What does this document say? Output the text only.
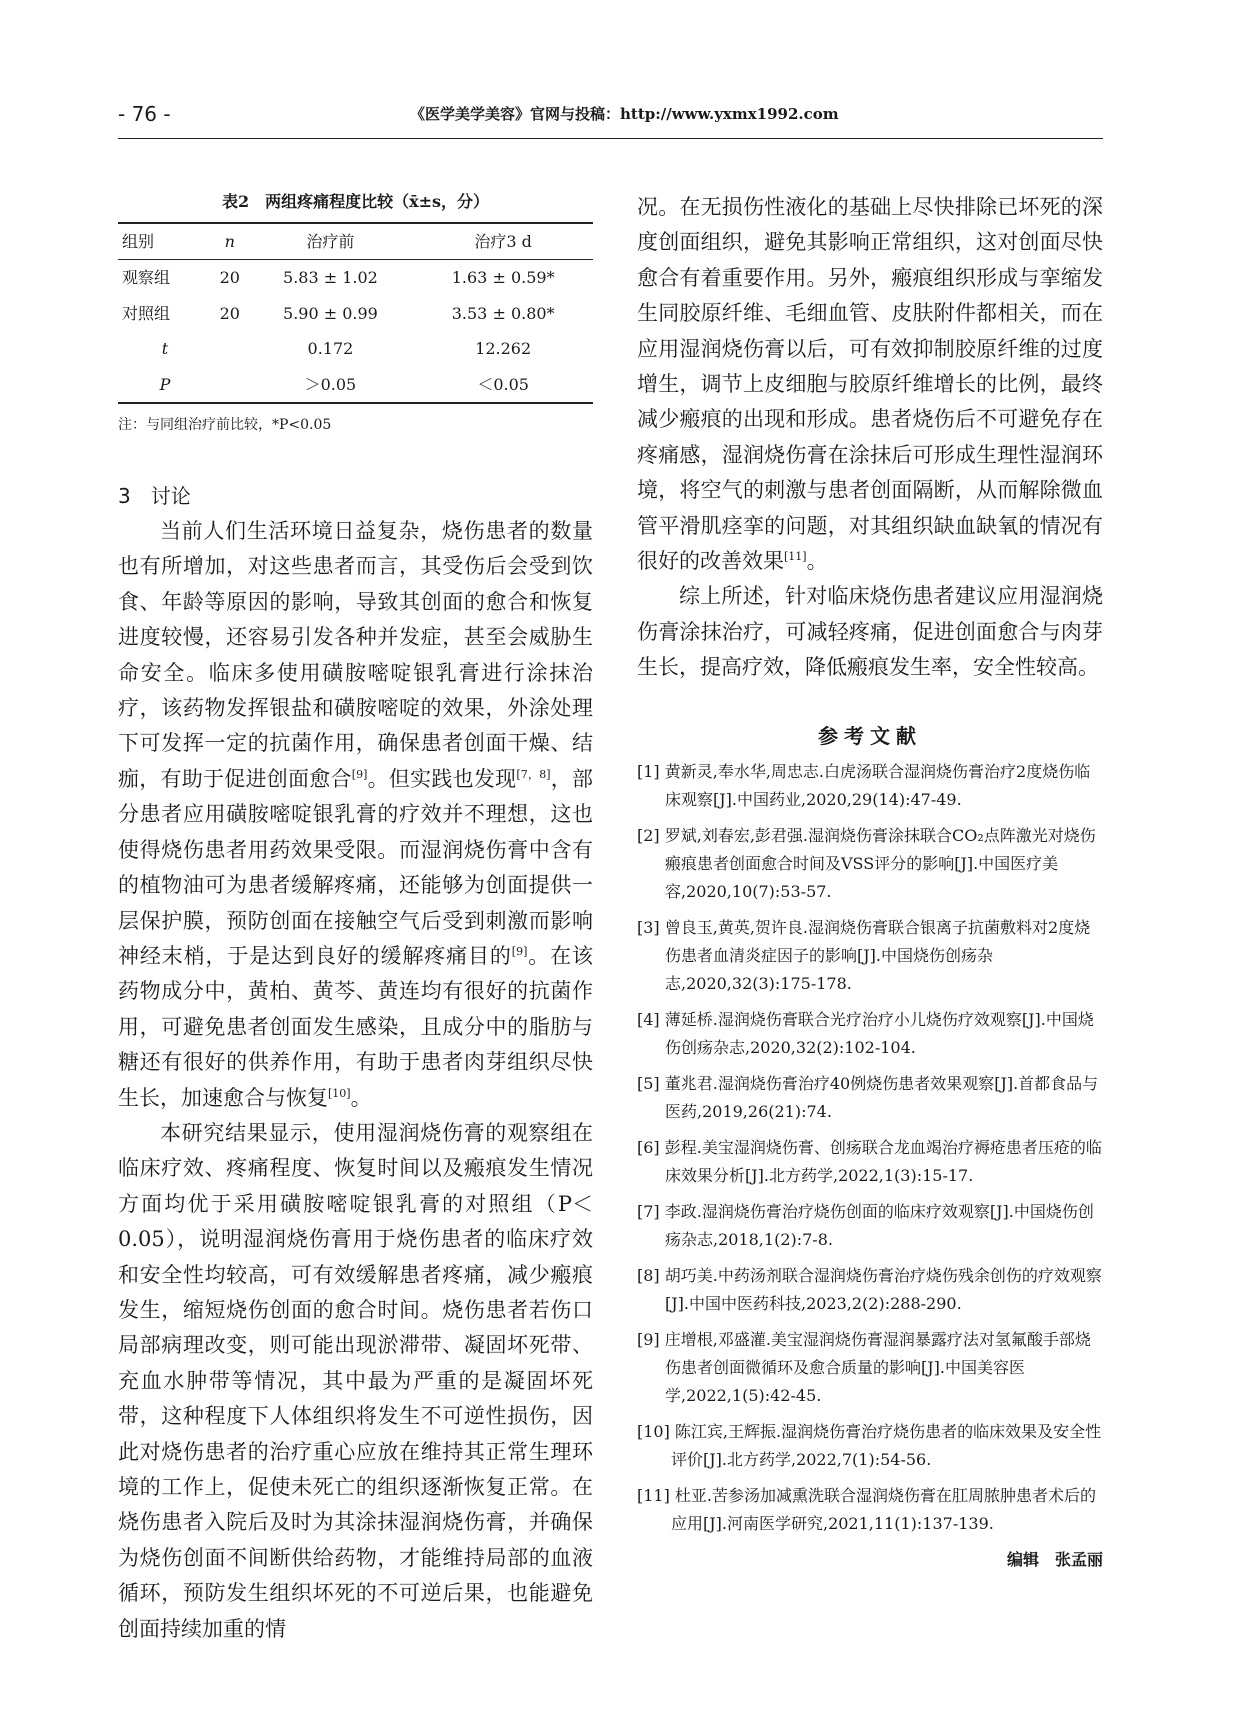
- 76 -	《医学美学美容》官网与投稿：http://www.yxmx1992.com
表2　两组疼痛程度比较（x̄±s，分）
组别	n	治疗前	治疗3 d
观察组	20	5.83 ± 1.02	1.63 ± 0.59*
对照组	20	5.90 ± 0.99	3.53 ± 0.80*
t		0.172	12.262
P		＞0.05	＜0.05
注：与同组治疗前比较，*P<0.05
3　讨论

当前人们生活环境日益复杂，烧伤患者的数量也有所增加，对这些患者而言，其受伤后会受到饮食、年龄等原因的影响，导致其创面的愈合和恢复进度较慢，还容易引发各种并发症，甚至会威胁生命安全。临床多使用磺胺嘧啶银乳膏进行涂抹治疗，该药物发挥银盐和磺胺嘧啶的效果，外涂处理下可发挥一定的抗菌作用，确保患者创面干燥、结痂，有助于促进创面愈合[9]。但实践也发现[7，8]，部分患者应用磺胺嘧啶银乳膏的疗效并不理想，这也使得烧伤患者用药效果受限。而湿润烧伤膏中含有的植物油可为患者缓解疼痛，还能够为创面提供一层保护膜，预防创面在接触空气后受到刺激而影响神经末梢，于是达到良好的缓解疼痛目的[9]。在该药物成分中，黄柏、黄芩、黄连均有很好的抗菌作用，可避免患者创面发生感染，且成分中的脂肪与糖还有很好的供养作用，有助于患者肉芽组织尽快生长，加速愈合与恢复[10]。

本研究结果显示，使用湿润烧伤膏的观察组在临床疗效、疼痛程度、恢复时间以及瘢痕发生情况方面均优于采用磺胺嘧啶银乳膏的对照组（P＜0.05），说明湿润烧伤膏用于烧伤患者的临床疗效和安全性均较高，可有效缓解患者疼痛，减少瘢痕发生，缩短烧伤创面的愈合时间。烧伤患者若伤口局部病理改变，则可能出现淤滞带、凝固坏死带、充血水肿带等情况，其中最为严重的是凝固坏死带，这种程度下人体组织将发生不可逆性损伤，因此对烧伤患者的治疗重心应放在维持其正常生理环境的工作上，促使未死亡的组织逐渐恢复正常。在烧伤患者入院后及时为其涂抹湿润烧伤膏，并确保为烧伤创面不间断供给药物，才能维持局部的血液循环，预防发生组织坏死的不可逆后果，也能避免创面持续加重的情

况。在无损伤性液化的基础上尽快排除已坏死的深度创面组织，避免其影响正常组织，这对创面尽快愈合有着重要作用。另外，瘢痕组织形成与挛缩发生同胶原纤维、毛细血管、皮肤附件都相关，而在应用湿润烧伤膏以后，可有效抑制胶原纤维的过度增生，调节上皮细胞与胶原纤维增长的比例，最终减少瘢痕的出现和形成。患者烧伤后不可避免存在疼痛感，湿润烧伤膏在涂抹后可形成生理性湿润环境，将空气的刺激与患者创面隔断，从而解除微血管平滑肌痉挛的问题，对其组织缺血缺氧的情况有很好的改善效果[11]。

综上所述，针对临床烧伤患者建议应用湿润烧伤膏涂抹治疗，可减轻疼痛，促进创面愈合与肉芽生长，提高疗效，降低瘢痕发生率，安全性较高。

参考文献
[1] 黄新灵,奉水华,周忠志.白虎汤联合湿润烧伤膏治疗2度烧伤临床观察[J].中国药业,2020,29(14):47-49.
[2] 罗斌,刘春宏,彭君强.湿润烧伤膏涂抹联合CO₂点阵激光对烧伤瘢痕患者创面愈合时间及VSS评分的影响[J].中国医疗美容,2020,10(7):53-57.
[3] 曾良玉,黄英,贺许良.湿润烧伤膏联合银离子抗菌敷料对2度烧伤患者血清炎症因子的影响[J].中国烧伤创疡杂志,2020,32(3):175-178.
[4] 薄延桥.湿润烧伤膏联合光疗治疗小儿烧伤疗效观察[J].中国烧伤创疡杂志,2020,32(2):102-104.
[5] 董兆君.湿润烧伤膏治疗40例烧伤患者效果观察[J].首都食品与医药,2019,26(21):74.
[6] 彭程.美宝湿润烧伤膏、创疡联合龙血竭治疗褥疮患者压疮的临床效果分析[J].北方药学,2022,1(3):15-17.
[7] 李政.湿润烧伤膏治疗烧伤创面的临床疗效观察[J].中国烧伤创疡杂志,2018,1(2):7-8.
[8] 胡巧美.中药汤剂联合湿润烧伤膏治疗烧伤残余创伤的疗效观察[J].中国中医药科技,2023,2(2):288-290.
[9] 庄增根,邓盛灌.美宝湿润烧伤膏湿润暴露疗法对氢氟酸手部烧伤患者创面微循环及愈合质量的影响[J].中国美容医学,2022,1(5):42-45.
[10] 陈江宾,王辉振.湿润烧伤膏治疗烧伤患者的临床效果及安全性评价[J].北方药学,2022,7(1):54-56.
[11] 杜亚.苦参汤加减熏洗联合湿润烧伤膏在肛周脓肿患者术后的应用[J].河南医学研究,2021,11(1):137-139.
编辑　张孟丽
